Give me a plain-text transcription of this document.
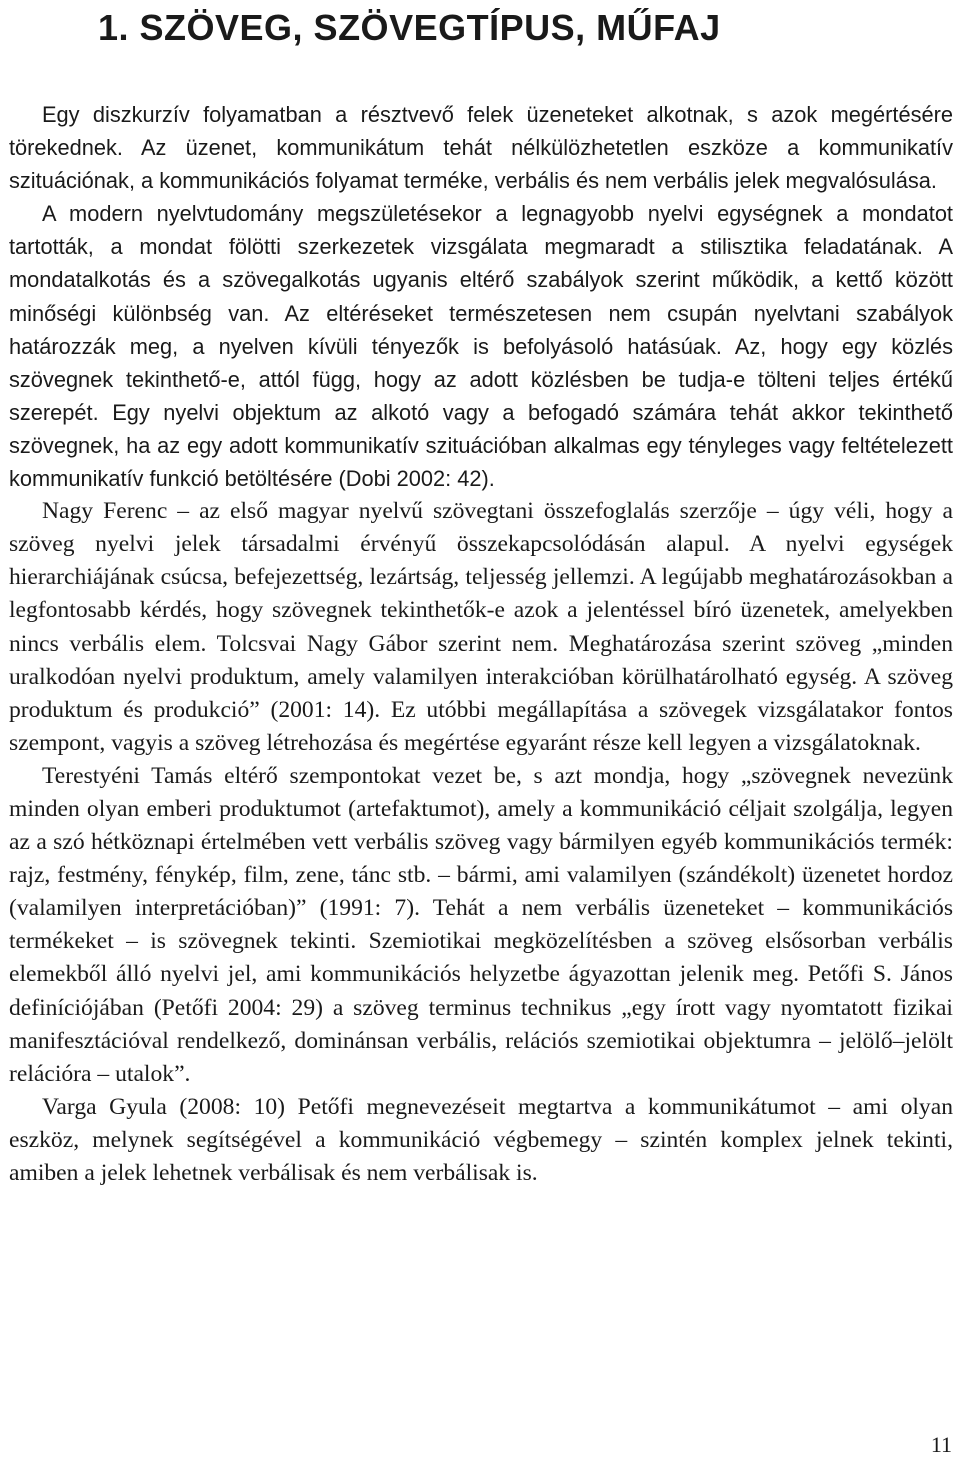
1. SZÖVEG, SZÖVEGTÍPUS, MŰFAJ

Egy diszkurzív folyamatban a résztvevő felek üzeneteket alkotnak, s azok megértésére törekednek. Az üzenet, kommunikátum tehát nélkülözhetetlen eszköze a kommunikatív szituációnak, a kommunikációs folyamat terméke, verbális és nem verbális jelek megvalósulása.

A modern nyelvtudomány megszületésekor a legnagyobb nyelvi egységnek a mondatot tartották, a mondat fölötti szerkezetek vizsgálata megmaradt a stilisztika feladatának. A mondatalkotás és a szövegalkotás ugyanis eltérő szabályok szerint működik, a kettő között minőségi különbség van. Az eltéréseket természetesen nem csupán nyelvtani szabályok határozzák meg, a nyelven kívüli tényezők is befolyásoló hatásúak. Az, hogy egy közlés szövegnek tekinthető-e, attól függ, hogy az adott közlésben be tudja-e tölteni teljes értékű szerepét. Egy nyelvi objektum az alkotó vagy a befogadó számára tehát akkor tekinthető szövegnek, ha az egy adott kommunikatív szituációban alkalmas egy tényleges vagy feltételezett kommunikatív funkció betöltésére (Dobi 2002: 42).

Nagy Ferenc – az első magyar nyelvű szövegtani összefoglalás szerzője – úgy véli, hogy a szöveg nyelvi jelek társadalmi érvényű összekapcsolódásán alapul. A nyelvi egységek hierarchiájának csúcsa, befejezettség, lezártság, teljesség jellemzi. A legújabb meghatározásokban a legfontosabb kérdés, hogy szövegnek tekinthetők-e azok a jelentéssel bíró üzenetek, amelyekben nincs verbális elem. Tolcsvai Nagy Gábor szerint nem. Meghatározása szerint szöveg „minden uralkodóan nyelvi produktum, amely valamilyen interakcióban körülhatárolható egység. A szöveg produktum és produkció” (2001: 14). Ez utóbbi megállapítása a szövegek vizsgálatakor fontos szempont, vagyis a szöveg létrehozása és megértése egyaránt része kell legyen a vizsgálatoknak.

Terestyéni Tamás eltérő szempontokat vezet be, s azt mondja, hogy „szövegnek nevezünk minden olyan emberi produktumot (artefaktumot), amely a kommunikáció céljait szolgálja, legyen az a szó hétköznapi értelmében vett verbális szöveg vagy bármilyen egyéb kommunikációs termék: rajz, festmény, fénykép, film, zene, tánc stb. – bármi, ami valamilyen (szándékolt) üzenetet hordoz (valamilyen interpretációban)” (1991: 7). Tehát a nem verbális üzeneteket – kommunikációs termékeket – is szövegnek tekinti. Szemiotikai megközelítésben a szöveg elsősorban verbális elemekből álló nyelvi jel, ami kommunikációs helyzetbe ágyazottan jelenik meg. Petőfi S. János definíciójában (Petőfi 2004: 29) a szöveg terminus technikus „egy írott vagy nyomtatott fizikai manifesztációval rendelkező, dominánsan verbális, relációs szemiotikai objektumra – jelölő–jelölt relációra – utalok”.

Varga Gyula (2008: 10) Petőfi megnevezéseit megtartva a kommunikátumot – ami olyan eszköz, melynek segítségével a kommunikáció végbemegy – szintén komplex jelnek tekinti, amiben a jelek lehetnek verbálisak és nem verbálisak is.

11
